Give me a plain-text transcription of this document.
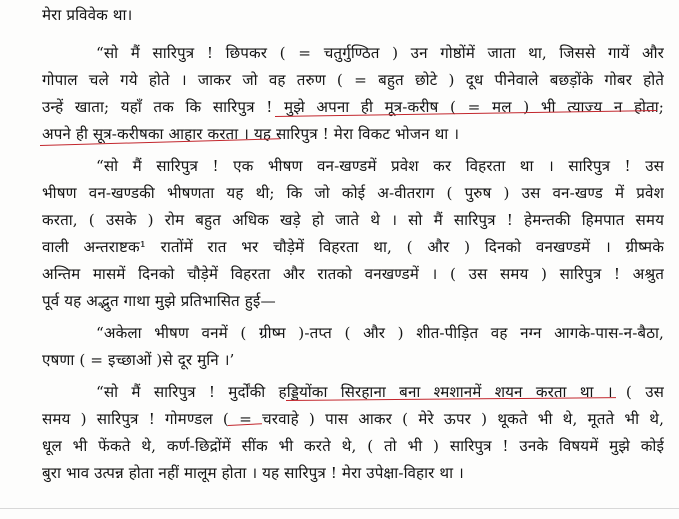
मेरा प्रविवेक था।
“सो मैं सारिपुत्र ! छिपकर ( = चतुर्गुण्ठित ) उन गोष्ठोंमें जाता था, जिससे गायें और
गोपाल चले गये होते । जाकर जो वह तरुण ( = बहुत छोटे ) दूध पीनेवाले बछड़ोंके गोबर होते
उन्हें खाता; यहाँ तक कि सारिपुत्र ! मुझे अपना ही मूत्र-करीष ( = मल ) भी त्याज्य न होता;
अपने ही सूत्र-करीषका आहार करता । यह सारिपुत्र ! मेरा विकट भोजन था ।
“सो मैं सारिपुत्र ! एक भीषण वन-खण्डमें प्रवेश कर विहरता था । सारिपुत्र ! उस
भीषण वन-खण्डकी भीषणता यह थी; कि जो कोई अ-वीतराग ( पुरुष ) उस वन-खण्ड में प्रवेश
करता, ( उसके ) रोम बहुत अधिक खड़े हो जाते थे । सो मैं सारिपुत्र ! हेमन्तकी हिमपात समय
वाली अन्तराष्टक¹ रातोंमें रात भर चौड़ेमें विहरता था, ( और ) दिनको वनखण्डमें । ग्रीष्मके
अन्तिम मासमें दिनको चौड़ेमें विहरता और रातको वनखण्डमें । ( उस समय ) सारिपुत्र ! अश्रुत
पूर्व यह अद्भुत गाथा मुझे प्रतिभासित हुई—
“अकेला भीषण वनमें ( ग्रीष्म )-तप्त ( और ) शीत-पीड़ित वह नग्न आगके-पास-न-बैठा,
एषणा ( = इच्छाओं )से दूर मुनि ।’
“सो मैं सारिपुत्र ! मुर्दोंकी हड्डियोंका सिरहाना बना श्मशानमें शयन करता था । ( उस
समय ) सारिपुत्र ! गोमण्डल ( = चरवाहे ) पास आकर ( मेरे ऊपर ) थूकते भी थे, मूतते भी थे,
धूल भी फेंकते थे, कर्ण-छिद्रोंमें सींक भी करते थे, ( तो भी ) सारिपुत्र ! उनके विषयमें मुझे कोई
बुरा भाव उत्पन्न होता नहीं मालूम होता । यह सारिपुत्र ! मेरा उपेक्षा-विहार था ।
